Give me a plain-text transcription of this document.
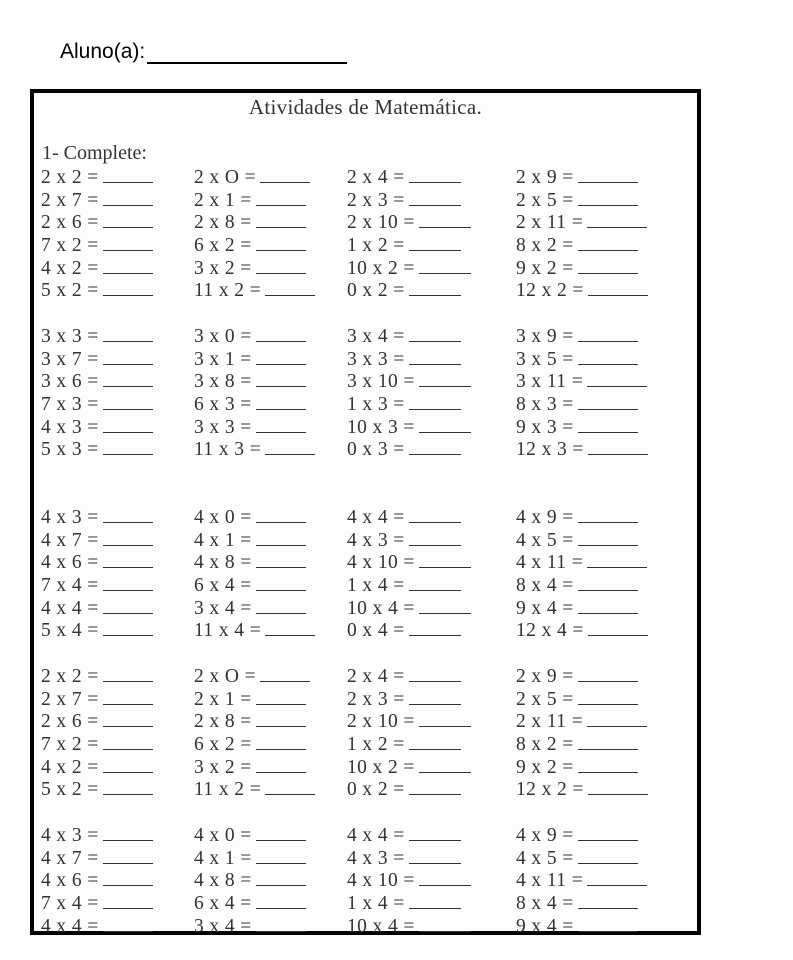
Aluno(a):
Atividades de Matemática.
1- Complete:
2 x 2 =	2 x O =	2 x 4 =	2 x 9 =
2 x 7 =	2 x 1 =	2 x 3 =	2 x 5 =
2 x 6 =	2 x 8 =	2 x 10 =	2 x 11 =
7 x 2 =	6 x 2 =	1 x 2 =	8 x 2 =
4 x 2 =	3 x 2 =	10 x 2 =	9 x 2 =
5 x 2 =	11 x 2 =	0 x 2 =	12 x 2 =
3 x 3 =	3 x 0 =	3 x 4 =	3 x 9 =
3 x 7 =	3 x 1 =	3 x 3 =	3 x 5 =
3 x 6 =	3 x 8 =	3 x 10 =	3 x 11 =
7 x 3 =	6 x 3 =	1 x 3 =	8 x 3 =
4 x 3 =	3 x 3 =	10 x 3 =	9 x 3 =
5 x 3 =	11 x 3 =	0 x 3 =	12 x 3 =
4 x 3 =	4 x 0 =	4 x 4 =	4 x 9 =
4 x 7 =	4 x 1 =	4 x 3 =	4 x 5 =
4 x 6 =	4 x 8 =	4 x 10 =	4 x 11 =
7 x 4 =	6 x 4 =	1 x 4 =	8 x 4 =
4 x 4 =	3 x 4 =	10 x 4 =	9 x 4 =
5 x 4 =	11 x 4 =	0 x 4 =	12 x 4 =
2 x 2 =	2 x O =	2 x 4 =	2 x 9 =
2 x 7 =	2 x 1 =	2 x 3 =	2 x 5 =
2 x 6 =	2 x 8 =	2 x 10 =	2 x 11 =
7 x 2 =	6 x 2 =	1 x 2 =	8 x 2 =
4 x 2 =	3 x 2 =	10 x 2 =	9 x 2 =
5 x 2 =	11 x 2 =	0 x 2 =	12 x 2 =
4 x 3 =	4 x 0 =	4 x 4 =	4 x 9 =
4 x 7 =	4 x 1 =	4 x 3 =	4 x 5 =
4 x 6 =	4 x 8 =	4 x 10 =	4 x 11 =
7 x 4 =	6 x 4 =	1 x 4 =	8 x 4 =
4 x 4 =	3 x 4 =	10 x 4 =	9 x 4 =
